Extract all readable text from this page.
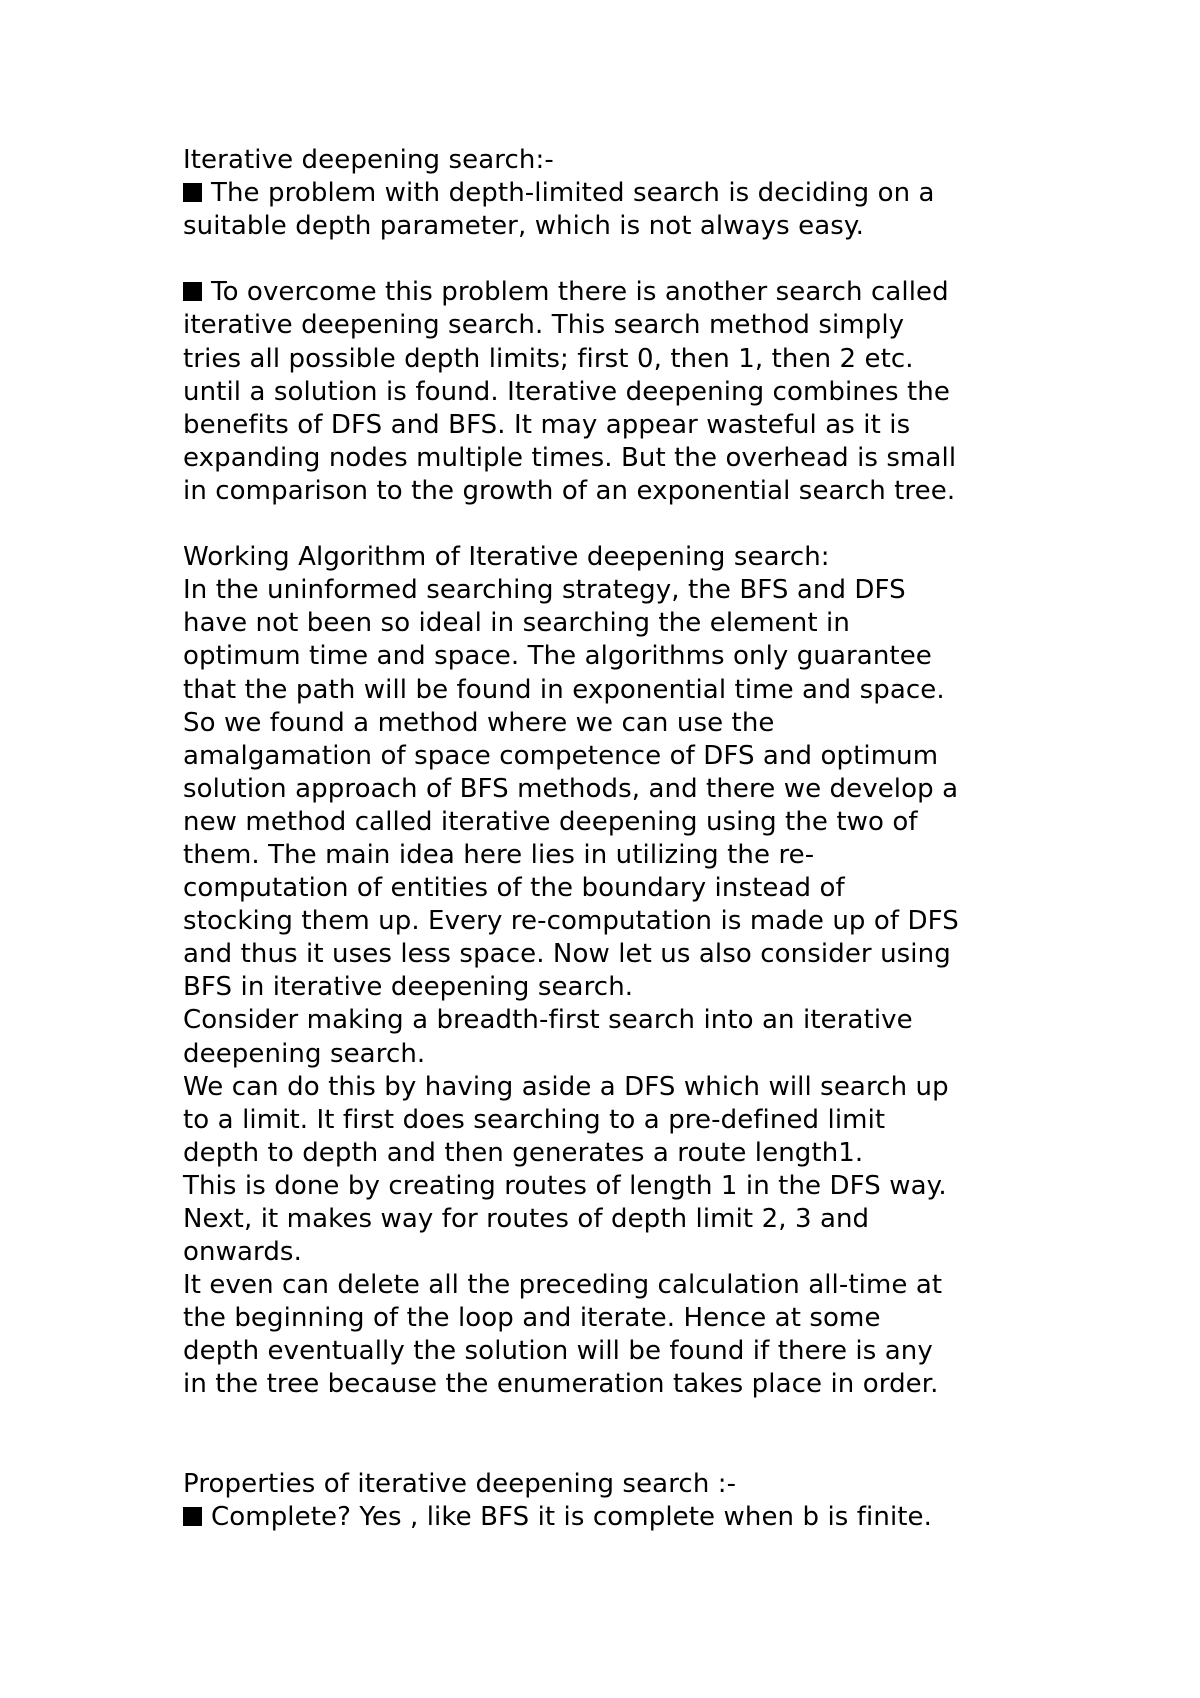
Iterative deepening search:-
The problem with depth-limited search is deciding on a
suitable depth parameter, which is not always easy.
To overcome this problem there is another search called
iterative deepening search. This search method simply
tries all possible depth limits; first 0, then 1, then 2 etc.
until a solution is found. Iterative deepening combines the
benefits of DFS and BFS. It may appear wasteful as it is
expanding nodes multiple times. But the overhead is small
in comparison to the growth of an exponential search tree.
Working Algorithm of Iterative deepening search:
In the uninformed searching strategy, the BFS and DFS
have not been so ideal in searching the element in
optimum time and space. The algorithms only guarantee
that the path will be found in exponential time and space.
So we found a method where we can use the
amalgamation of space competence of DFS and optimum
solution approach of BFS methods, and there we develop a
new method called iterative deepening using the two of
them. The main idea here lies in utilizing the re-
computation of entities of the boundary instead of
stocking them up. Every re-computation is made up of DFS
and thus it uses less space. Now let us also consider using
BFS in iterative deepening search.
Consider making a breadth-first search into an iterative
deepening search.
We can do this by having aside a DFS which will search up
to a limit. It first does searching to a pre-defined limit
depth to depth and then generates a route length1.
This is done by creating routes of length 1 in the DFS way.
Next, it makes way for routes of depth limit 2, 3 and
onwards.
It even can delete all the preceding calculation all-time at
the beginning of the loop and iterate. Hence at some
depth eventually the solution will be found if there is any
in the tree because the enumeration takes place in order.
Properties of iterative deepening search :-
Complete? Yes , like BFS it is complete when b is finite.
